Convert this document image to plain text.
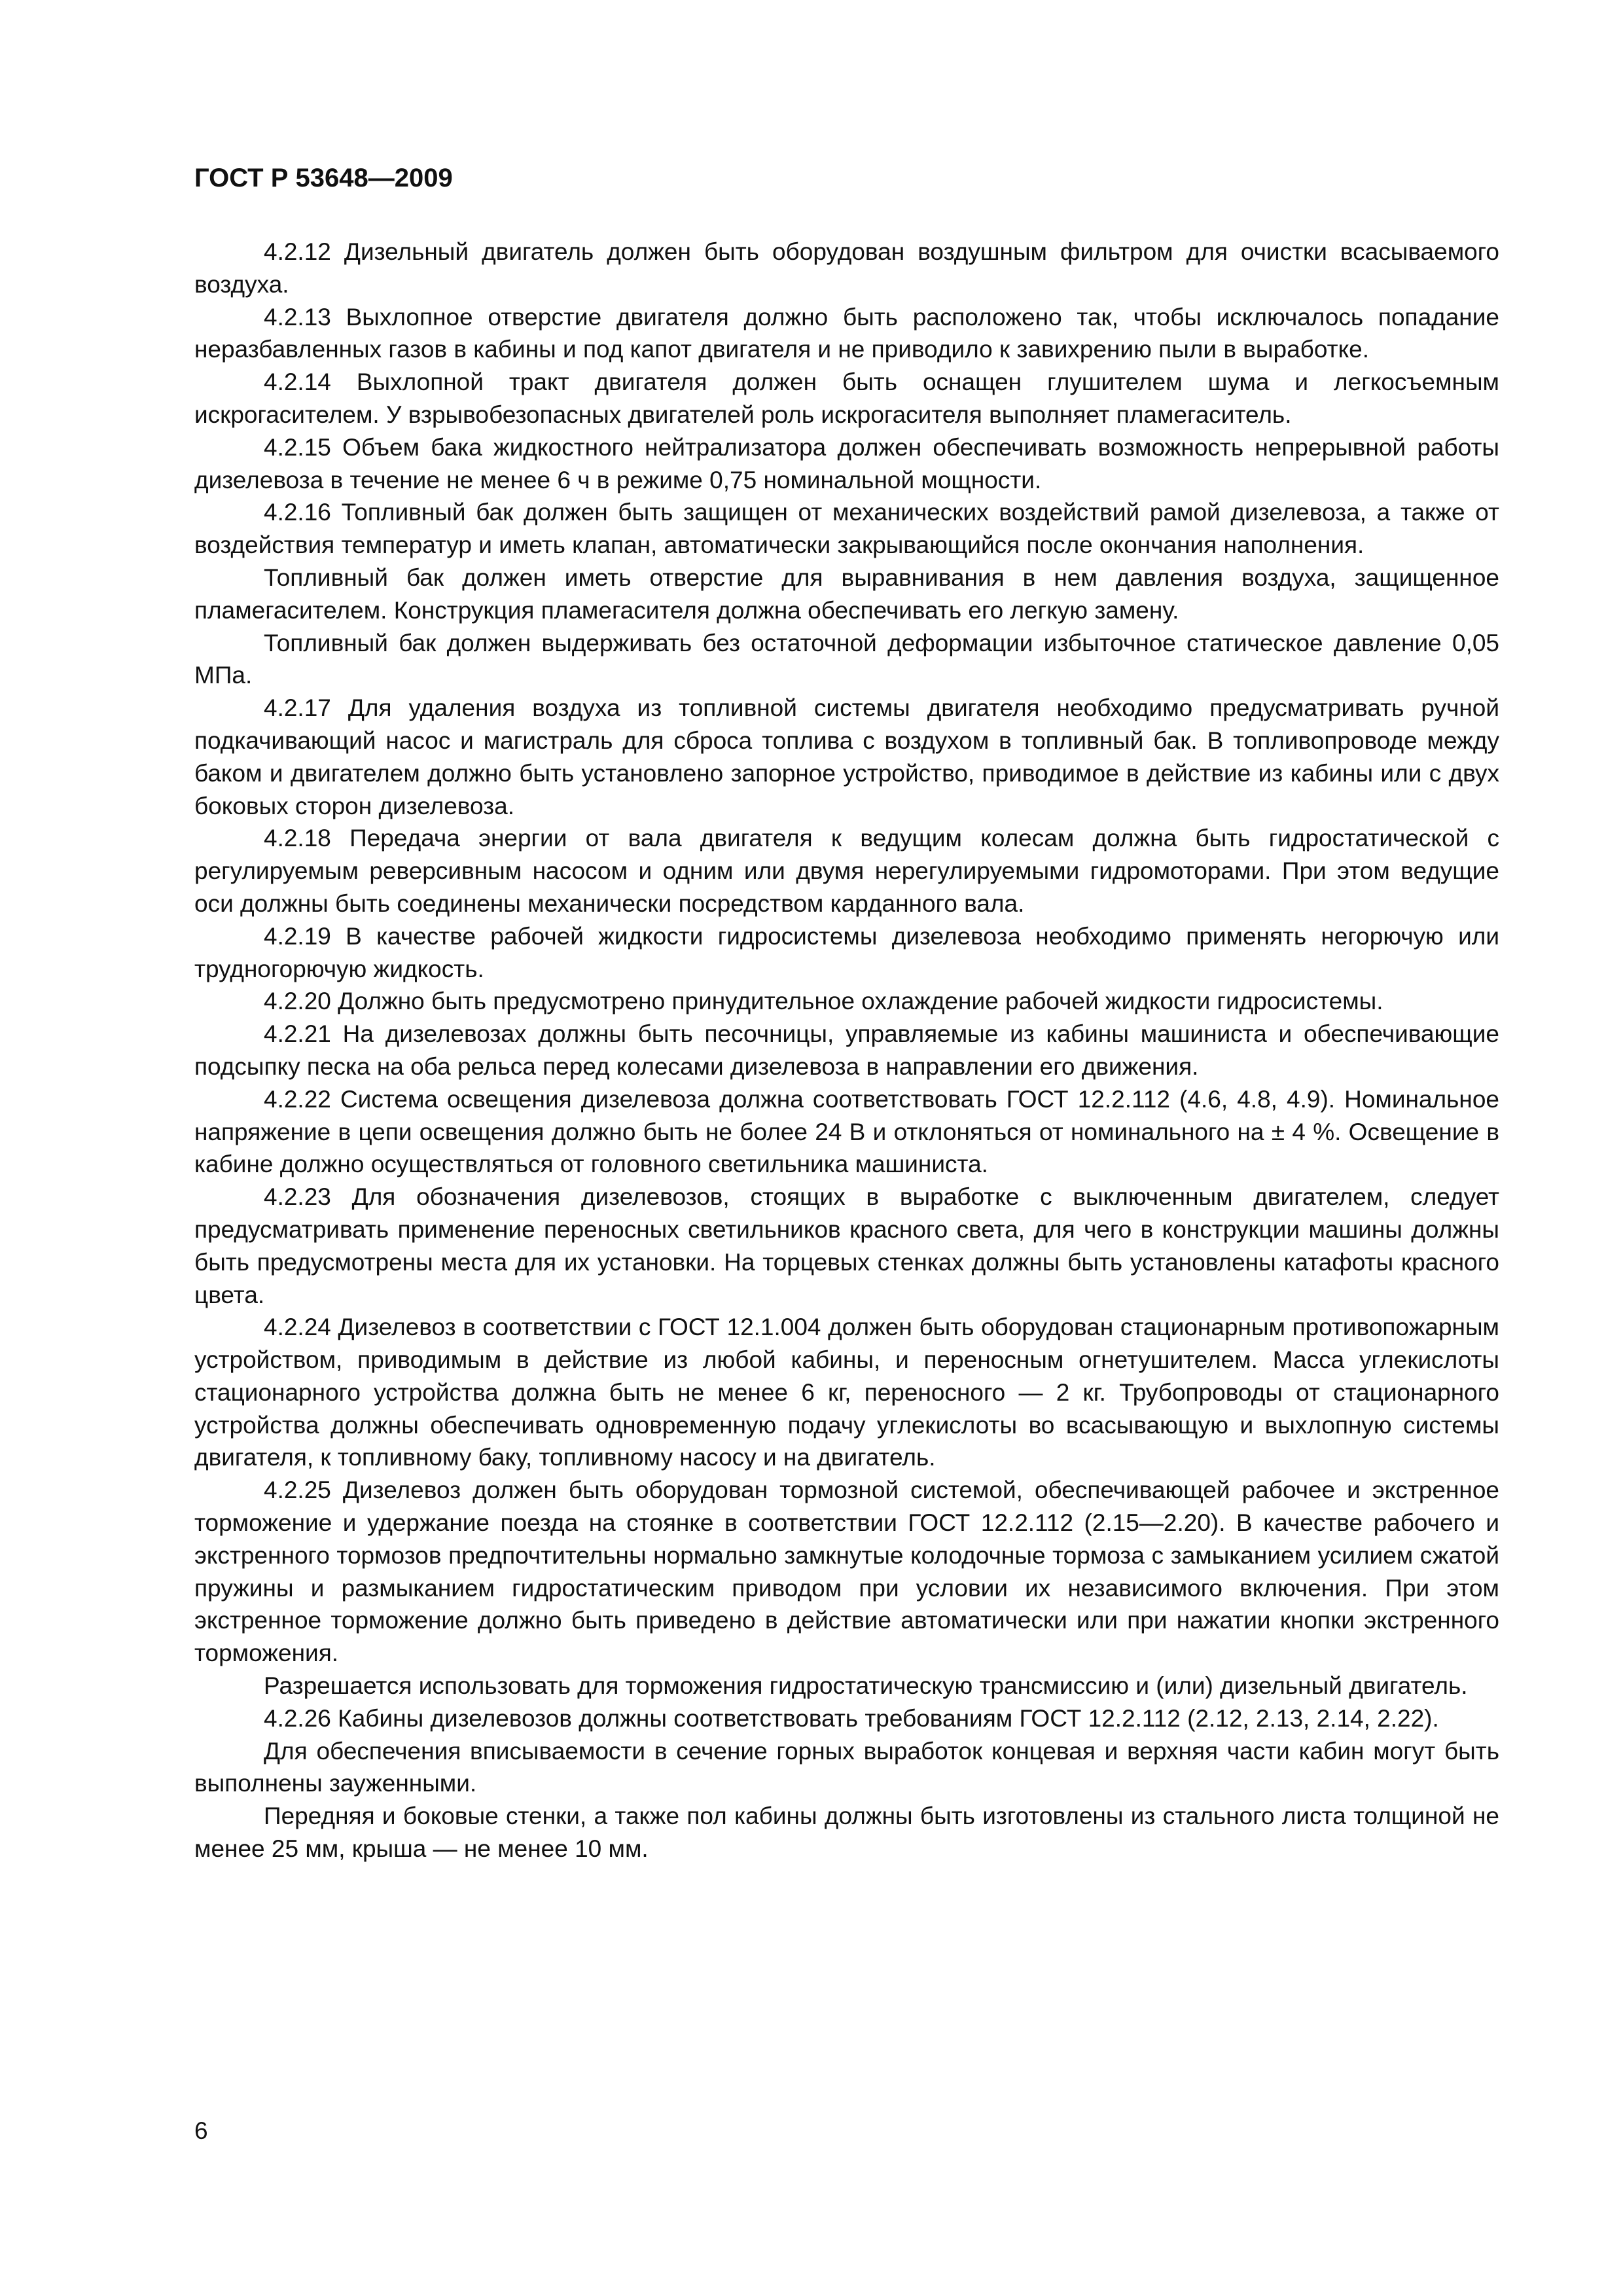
ГОСТ Р 53648—2009

4.2.12 Дизельный двигатель должен быть оборудован воздушным фильтром для очистки всасываемого воздуха.

4.2.13 Выхлопное отверстие двигателя должно быть расположено так, чтобы исключалось попадание неразбавленных газов в кабины и под капот двигателя и не приводило к завихрению пыли в выработке.

4.2.14 Выхлопной тракт двигателя должен быть оснащен глушителем шума и легкосъемным искрогасителем. У взрывобезопасных двигателей роль искрогасителя выполняет пламегаситель.

4.2.15 Объем бака жидкостного нейтрализатора должен обеспечивать возможность непрерывной работы дизелевоза в течение не менее 6 ч в режиме 0,75 номинальной мощности.

4.2.16 Топливный бак должен быть защищен от механических воздействий рамой дизелевоза, а также от воздействия температур и иметь клапан, автоматически закрывающийся после окончания наполнения.

Топливный бак должен иметь отверстие для выравнивания в нем давления воздуха, защищенное пламегасителем. Конструкция пламегасителя должна обеспечивать его легкую замену.

Топливный бак должен выдерживать без остаточной деформации избыточное статическое давление 0,05 МПа.

4.2.17 Для удаления воздуха из топливной системы двигателя необходимо предусматривать ручной подкачивающий насос и магистраль для сброса топлива с воздухом в топливный бак. В топливопроводе между баком и двигателем должно быть установлено запорное устройство, приводимое в действие из кабины или с двух боковых сторон дизелевоза.

4.2.18 Передача энергии от вала двигателя к ведущим колесам должна быть гидростатической с регулируемым реверсивным насосом и одним или двумя нерегулируемыми гидромоторами. При этом ведущие оси должны быть соединены механически посредством карданного вала.

4.2.19 В качестве рабочей жидкости гидросистемы дизелевоза необходимо применять негорючую или трудногорючую жидкость.

4.2.20 Должно быть предусмотрено принудительное охлаждение рабочей жидкости гидросистемы.

4.2.21 На дизелевозах должны быть песочницы, управляемые из кабины машиниста и обеспечивающие подсыпку песка на оба рельса перед колесами дизелевоза в направлении его движения.

4.2.22 Система освещения дизелевоза должна соответствовать ГОСТ 12.2.112 (4.6, 4.8, 4.9). Номинальное напряжение в цепи освещения должно быть не более 24 В и отклоняться от номинального на ± 4 %. Освещение в кабине должно осуществляться от головного светильника машиниста.

4.2.23 Для обозначения дизелевозов, стоящих в выработке с выключенным двигателем, следует предусматривать применение переносных светильников красного света, для чего в конструкции машины должны быть предусмотрены места для их установки. На торцевых стенках должны быть установлены катафоты красного цвета.

4.2.24 Дизелевоз в соответствии с ГОСТ 12.1.004 должен быть оборудован стационарным противопожарным устройством, приводимым в действие из любой кабины, и переносным огнетушителем. Масса углекислоты стационарного устройства должна быть не менее 6 кг, переносного — 2 кг. Трубопроводы от стационарного устройства должны обеспечивать одновременную подачу углекислоты во всасывающую и выхлопную системы двигателя, к топливному баку, топливному насосу и на двигатель.

4.2.25 Дизелевоз должен быть оборудован тормозной системой, обеспечивающей рабочее и экстренное торможение и удержание поезда на стоянке в соответствии ГОСТ 12.2.112 (2.15—2.20). В качестве рабочего и экстренного тормозов предпочтительны нормально замкнутые колодочные тормоза с замыканием усилием сжатой пружины и размыканием гидростатическим приводом при условии их независимого включения. При этом экстренное торможение должно быть приведено в действие автоматически или при нажатии кнопки экстренного торможения.

Разрешается использовать для торможения гидростатическую трансмиссию и (или) дизельный двигатель.

4.2.26 Кабины дизелевозов должны соответствовать требованиям ГОСТ 12.2.112 (2.12, 2.13, 2.14, 2.22).

Для обеспечения вписываемости в сечение горных выработок концевая и верхняя части кабин могут быть выполнены зауженными.

Передняя и боковые стенки, а также пол кабины должны быть изготовлены из стального листа толщиной не менее 25 мм, крыша — не менее 10 мм.

6
